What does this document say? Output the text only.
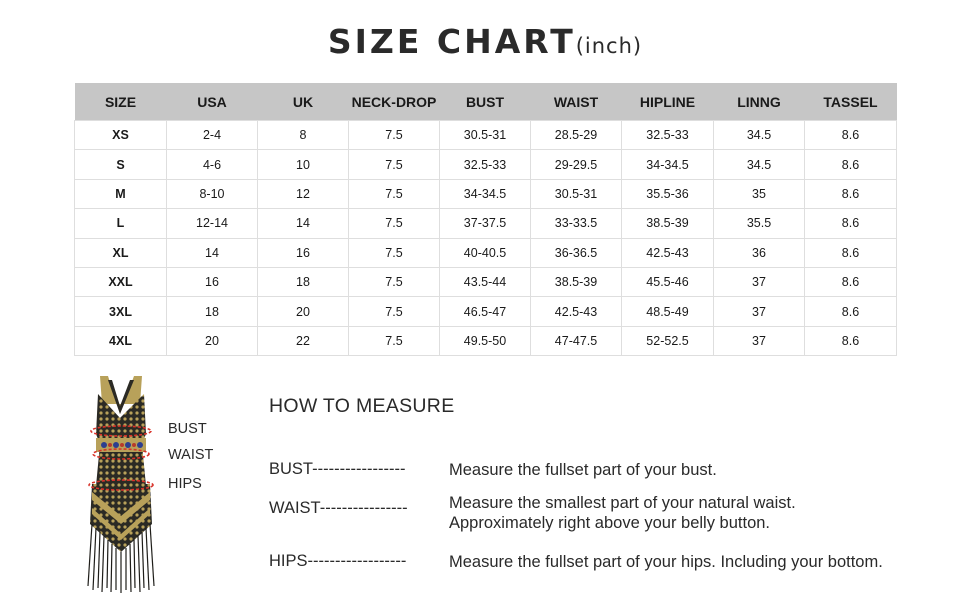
SIZE CHART(inch)
SIZE	USA	UK	NECK-DROP	BUST	WAIST	HIPLINE	LINNG	TASSEL
XS	2-4	8	7.5	30.5-31	28.5-29	32.5-33	34.5	8.6
S	4-6	10	7.5	32.5-33	29-29.5	34-34.5	34.5	8.6
M	8-10	12	7.5	34-34.5	30.5-31	35.5-36	35	8.6
L	12-14	14	7.5	37-37.5	33-33.5	38.5-39	35.5	8.6
XL	14	16	7.5	40-40.5	36-36.5	42.5-43	36	8.6
XXL	16	18	7.5	43.5-44	38.5-39	45.5-46	37	8.6
3XL	18	20	7.5	46.5-47	42.5-43	48.5-49	37	8.6
4XL	20	22	7.5	49.5-50	47-47.5	52-52.5	37	8.6
BUST
WAIST
HIPS
HOW TO MEASURE
BUST-----------------	Measure the fullset part of your bust.
WAIST----------------	Measure the smallest part of your natural waist.
Approximately right above your belly button.
HIPS------------------	Measure the fullset part of your hips. Including your bottom.
